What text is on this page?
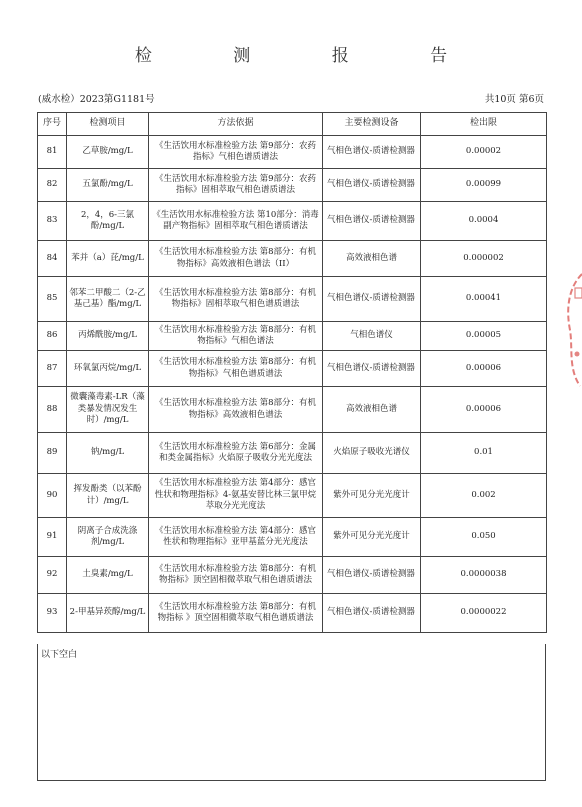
检 测 报 告
(威水检）2023第G1181号	共10页 第6页
序号	检测项目	方法依据	主要检测设备	检出限
81	乙草胺/mg/L	《生活饮用水标准检验方法 第9部分：农药指标》气相色谱质谱法	气相色谱仪-质谱检测器	0.00002
82	五氯酚/mg/L	《生活饮用水标准检验方法 第9部分：农药指标》固相萃取气相色谱质谱法	气相色谱仪-质谱检测器	0.00099
83	2，4，6-三氯酚/mg/L	《生活饮用水标准检验方法 第10部分：消毒副产物指标》固相萃取气相色谱质谱法	气相色谱仪-质谱检测器	0.0004
84	苯并（a）芘/mg/L	《生活饮用水标准检验方法 第8部分：有机物指标》高效液相色谱法（II）	高效液相色谱	0.000002
85	邻苯二甲酸二（2-乙基己基）酯/mg/L	《生活饮用水标准检验方法 第8部分：有机物指标》固相萃取气相色谱质谱法	气相色谱仪-质谱检测器	0.00041
86	丙烯酰胺/mg/L	《生活饮用水标准检验方法 第8部分：有机物指标》气相色谱法	气相色谱仪	0.00005
87	环氧氯丙烷/mg/L	《生活饮用水标准检验方法 第8部分：有机物指标》气相色谱质谱法	气相色谱仪-质谱检测器	0.00006
88	微囊藻毒素-LR（藻类暴发情况发生时）/mg/L	《生活饮用水标准检验方法 第8部分：有机物指标》高效液相色谱法	高效液相色谱	0.00006
89	钠/mg/L	《生活饮用水标准检验方法 第6部分：金属和类金属指标》火焰原子吸收分光光度法	火焰原子吸收光谱仪	0.01
90	挥发酚类（以苯酚计）/mg/L	《生活饮用水标准检验方法 第4部分：感官性状和物理指标》4-氨基安替比林三氯甲烷萃取分光光度法	紫外可见分光光度计	0.002
91	阴离子合成洗涤剂/mg/L	《生活饮用水标准检验方法 第4部分：感官性状和物理指标》亚甲基蓝分光光度法	紫外可见分光光度计	0.050
92	土臭素/mg/L	《生活饮用水标准检验方法 第8部分：有机物指标》顶空固相微萃取气相色谱质谱法	气相色谱仪-质谱检测器	0.0000038
93	2-甲基异莰醇/mg/L	《生活饮用水标准检验方法 第8部分：有机物指标 》顶空固相微萃取气相色谱质谱法	气相色谱仪-质谱检测器	0.0000022
以下空白
